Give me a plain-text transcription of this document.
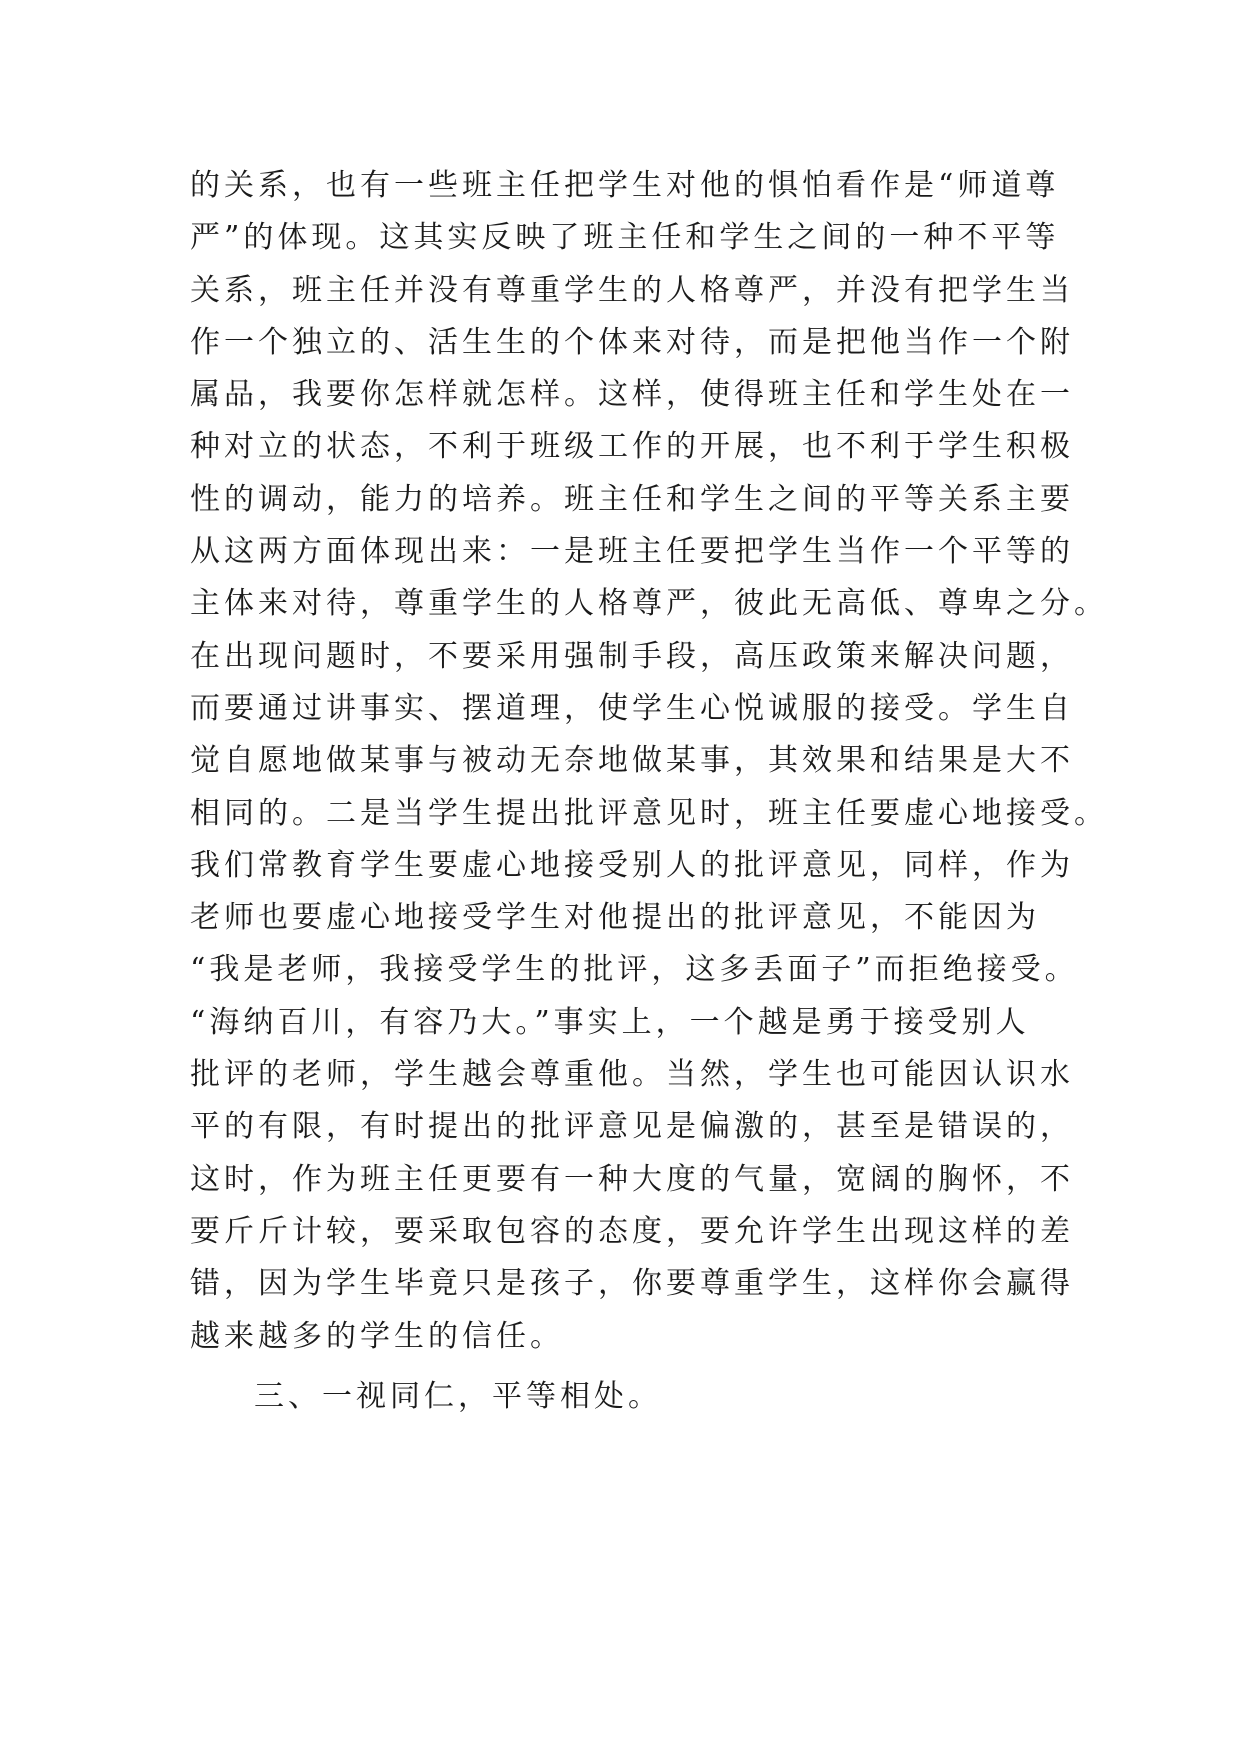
的关系，也有一些班主任把学生对他的惧怕看作是“师道尊
严”的体现。这其实反映了班主任和学生之间的一种不平等
关系，班主任并没有尊重学生的人格尊严，并没有把学生当
作一个独立的、活生生的个体来对待，而是把他当作一个附
属品，我要你怎样就怎样。这样，使得班主任和学生处在一
种对立的状态，不利于班级工作的开展，也不利于学生积极
性的调动，能力的培养。班主任和学生之间的平等关系主要
从这两方面体现出来：一是班主任要把学生当作一个平等的
主体来对待，尊重学生的人格尊严，彼此无高低、尊卑之分。
在出现问题时，不要采用强制手段，高压政策来解决问题，
而要通过讲事实、摆道理，使学生心悦诚服的接受。学生自
觉自愿地做某事与被动无奈地做某事，其效果和结果是大不
相同的。二是当学生提出批评意见时，班主任要虚心地接受。
我们常教育学生要虚心地接受别人的批评意见，同样，作为
老师也要虚心地接受学生对他提出的批评意见，不能因为
“我是老师，我接受学生的批评，这多丢面子”而拒绝接受。
“海纳百川，有容乃大。”事实上，一个越是勇于接受别人
批评的老师，学生越会尊重他。当然，学生也可能因认识水
平的有限，有时提出的批评意见是偏激的，甚至是错误的，
这时，作为班主任更要有一种大度的气量，宽阔的胸怀，不
要斤斤计较，要采取包容的态度，要允许学生出现这样的差
错，因为学生毕竟只是孩子，你要尊重学生，这样你会赢得
越来越多的学生的信任。
三、一视同仁，平等相处。
